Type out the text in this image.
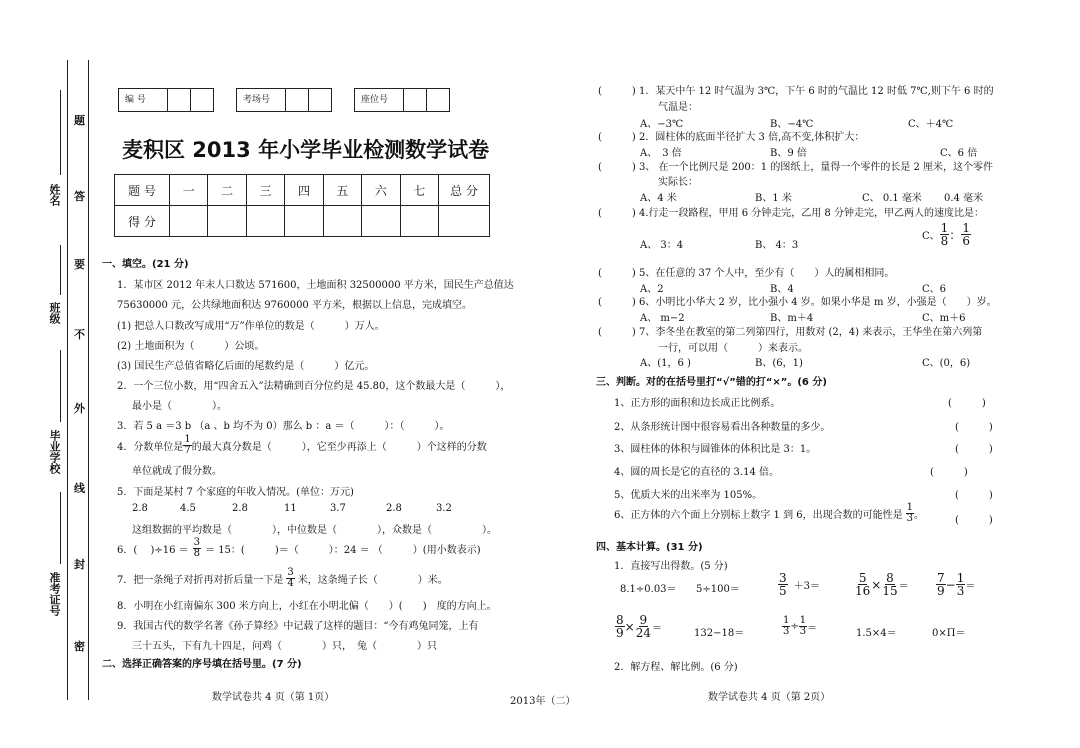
题
答
要
不
外
线
封
密
姓名
班级
毕业学校
准考证号
编 号	考场号	座位号
麦积区 2013 年小学毕业检测数学试卷
题 号	一	二	三	四	五	六	七	总 分
得 分								
一、填空。(21 分)
1．某市区 2012 年末人口数达 571600，土地面积 32500000 平方米，国民生产总值达
75630000 元，公共绿地面积达 9760000 平方米，根据以上信息，完成填空。
(1) 把总人口数改写成用“万”作单位的数是（　　　）万人。
(2) 土地面积为（　　　）公顷。
(3) 国民生产总值省略亿后面的尾数约是（　　　）亿元。
2．一个三位小数，用“四舍五入”法精确到百分位约是 45.80，这个数最大是（　　　），
最小是（　　　　）。
3．若 5 a ＝3 b （a 、b 均不为 0）那么 b ：a ＝（　　　）：（　　　）。
4．分数单位是 $\frac{1}{7}$ 的最大真分数是（　　　），它至少再添上（　　　）个这样的分数
单位就成了假分数。
5．下面是某村 7 个家庭的年收入情况。(单位：万元)
2.8	4.5	2.8	11	3.7	2.8	3.2
这组数据的平均数是（　　　　），中位数是（　　　　），众数是（　　　　　）。
6．(　 )$\div 16 = \frac{3}{8} = 15$：(　　　)＝（　　　）：24 ＝ （　　　）(用小数表示)
7．把一条绳子对折再对折后量一下是 $\frac{3}{4}$ 米，这条绳子长（　　　　）米。
8．小明在小红南偏东 300 米方向上，小红在小明北偏（　　）(　　)　度的方向上。
9．我国古代的数学名著《孙子算经》中记载了这样的题目：“今有鸡兔同笼，上有
三十五头，下有九十四足，问鸡（　　　　）只，　兔（　　　　）只
二、选择正确答案的序号填在括号里。(7 分)
数学试卷共 4 页（第 1页）	2013年（二）
(　　　) 1．某天中午 12 时气温为 3℃，下午 6 时的气温比 12 时低 7℃,则下午 6 时的
气温是：
A、−3℃	B、−4℃	C、＋4℃
(　　　) 2．圆柱体的底面半径扩大 3 倍,高不变,体积扩大：
A、　3 倍	B、9 倍	C、6 倍
(　　　) 3、 在一个比例尺是 200：1 的图纸上，量得一个零件的长是 2 厘米，这个零件
实际长：
A、4 米	B、1 米	C、 0.1 毫米 0.4 毫米
(　　　) 4.行走一段路程，甲用 6 分钟走完，乙用 8 分钟走完，甲乙两人的速度比是：
A、 3：4	B、 4：3
C、 $\frac{1}{8}$ ： $\frac{1}{6}$
(　　　) 5、在任意的 37 个人中，至少有（　　）人的属相相同。
A、2	B、4	C、6
(　　　) 6、小明比小华大 2 岁，比小强小 4 岁。如果小华是 m 岁，小强是（　　）岁。
A、 m−2	B、m＋4	C、m＋6
(　　　) 7、李冬坐在教室的第二列第四行，用数对 (2，4) 来表示，王华坐在第六列第
一行，可以用（　　　）来表示。
A、(1，6 )	B、(6，1)	C、(0，6)
三、判断。对的在括号里打“√”错的打“×”。(6 分)
1、正方形的面积和边长成正比例系。	(　　　)
2、从条形统计图中很容易看出各种数量的多少。	(　　　)
3、圆柱体的体积与圆锥体的体积比是 3：1。	(　　　)
4、圆的周长是它的直径的 3.14 倍。	(　　　)
5、优质大米的出米率为 105%。	(　　　)
6、正方体的六个面上分别标上数字 1 到 6，出现合数的可能性是 $\frac{1}{3}$ 。	(　　　)
四、基本计算。(31 分)
1．直接写出得数。(5 分)
8.1÷0.03＝ 5÷100＝	$\frac{3}{5} +3=$	$\frac{5}{16} \times \frac{8}{15} = \frac{7}{9} - \frac{1}{3}$ ＝
$\frac{8}{9} \times \frac{9}{24}$ ＝	132−18＝	$\frac{1}{3} \div \frac{1}{3}$ ＝	1.5×4＝	0×Π＝
2．解方程、解比例。(6 分)
数学试卷共 4 页（第 2页）
